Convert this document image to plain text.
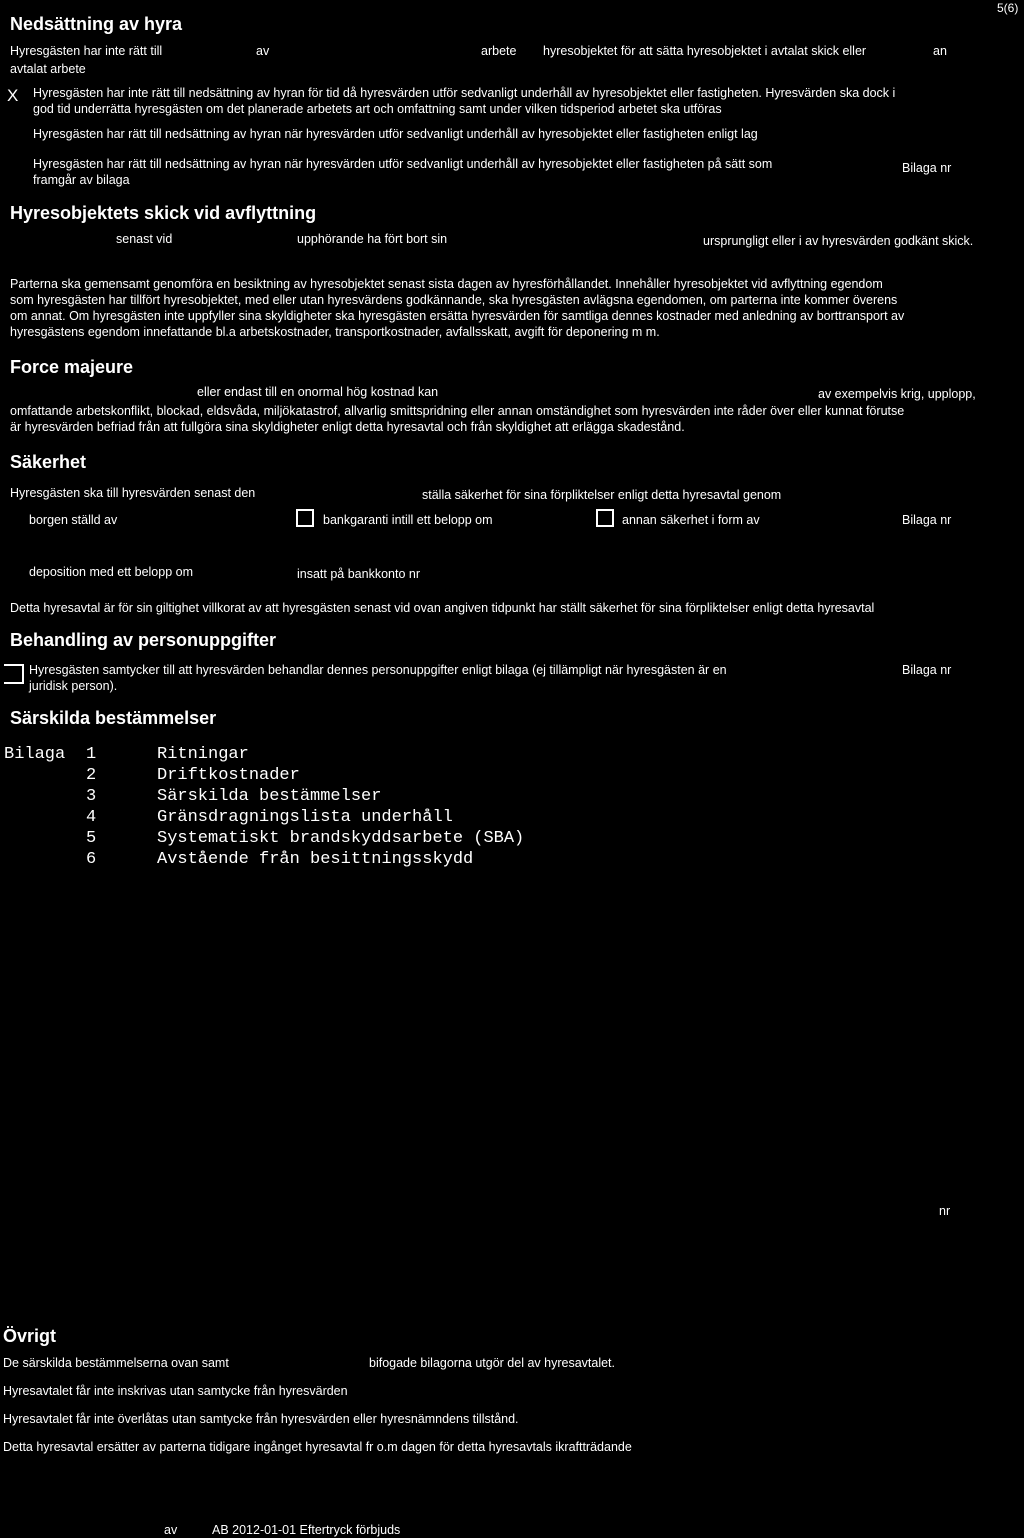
5(6)
Nedsättning av hyra
Hyresgästen har inte rätt till	av	arbete hyresobjektet för att sätta hyresobjektet i avtalat skick eller	an
avtalat arbete
X Hyresgästen har inte rätt till nedsättning av hyran för tid då hyresvärden utför sedvanligt underhåll av hyresobjektet eller fastigheten. Hyresvärden ska dock i
god tid underrätta hyresgästen om det planerade arbetets art och omfattning samt under vilken tidsperiod arbetet ska utföras
Hyresgästen har rätt till nedsättning av hyran när hyresvärden utför sedvanligt underhåll av hyresobjektet eller fastigheten enligt lag
Hyresgästen har rätt till nedsättning av hyran när hyresvärden utför sedvanligt underhåll av hyresobjektet eller fastigheten på sätt som
framgår av bilaga
Bilaga nr
Hyresobjektets skick vid avflyttning
senast vid	upphörande ha fört bort sin	ursprungligt eller i av hyresvärden godkänt skick.
Parterna ska gemensamt genomföra en besiktning av hyresobjektet senast sista dagen av hyresförhållandet. Innehåller hyresobjektet vid avflyttning egendom
som hyresgästen har tillfört hyresobjektet, med eller utan hyresvärdens godkännande, ska hyresgästen avlägsna egendomen, om parterna inte kommer överens
om annat. Om hyresgästen inte uppfyller sina skyldigheter ska hyresgästen ersätta hyresvärden för samtliga dennes kostnader med anledning av borttransport av
hyresgästens egendom innefattande bl.a arbetskostnader, transportkostnader, avfallsskatt, avgift för deponering m m.
Force majeure
eller endast till en onormal hög kostnad kan	av exempelvis krig, upplopp,
omfattande arbetskonflikt, blockad, eldsvåda, miljökatastrof, allvarlig smittspridning eller annan omständighet som hyresvärden inte råder över eller kunnat förutse
är hyresvärden befriad från att fullgöra sina skyldigheter enligt detta hyresavtal och från skyldighet att erlägga skadestånd.
Säkerhet
Hyresgästen ska till hyresvärden senast den	ställa säkerhet för sina förpliktelser enligt detta hyresavtal genom
borgen ställd av	bankgaranti intill ett belopp om	annan säkerhet i form av	Bilaga nr
deposition med ett belopp om	insatt på bankkonto nr
Detta hyresavtal är för sin giltighet villkorat av att hyresgästen senast vid ovan angiven tidpunkt har ställt säkerhet för sina förpliktelser enligt detta hyresavtal
Behandling av personuppgifter
Hyresgästen samtycker till att hyresvärden behandlar dennes personuppgifter enligt bilaga (ej tillämpligt när hyresgästen är en
juridisk person).
Bilaga nr
Särskilda bestämmelser
Bilaga 1	Ritningar
2	Driftkostnader
3	Särskilda bestämmelser
4	Gränsdragningslista underhåll
5	Systematiskt brandskyddsarbete (SBA)
6	Avstående från besittningsskydd
nr
Övrigt
De särskilda bestämmelserna ovan samt	bifogade bilagorna utgör del av hyresavtalet.
Hyresavtalet får inte inskrivas utan samtycke från hyresvärden
Hyresavtalet får inte överlåtas utan samtycke från hyresvärden eller hyresnämndens tillstånd.
Detta hyresavtal ersätter av parterna tidigare ingånget hyresavtal fr o.m dagen för detta hyresavtals ikraftträdande
av	AB 2012-01-01 Eftertryck förbjuds
